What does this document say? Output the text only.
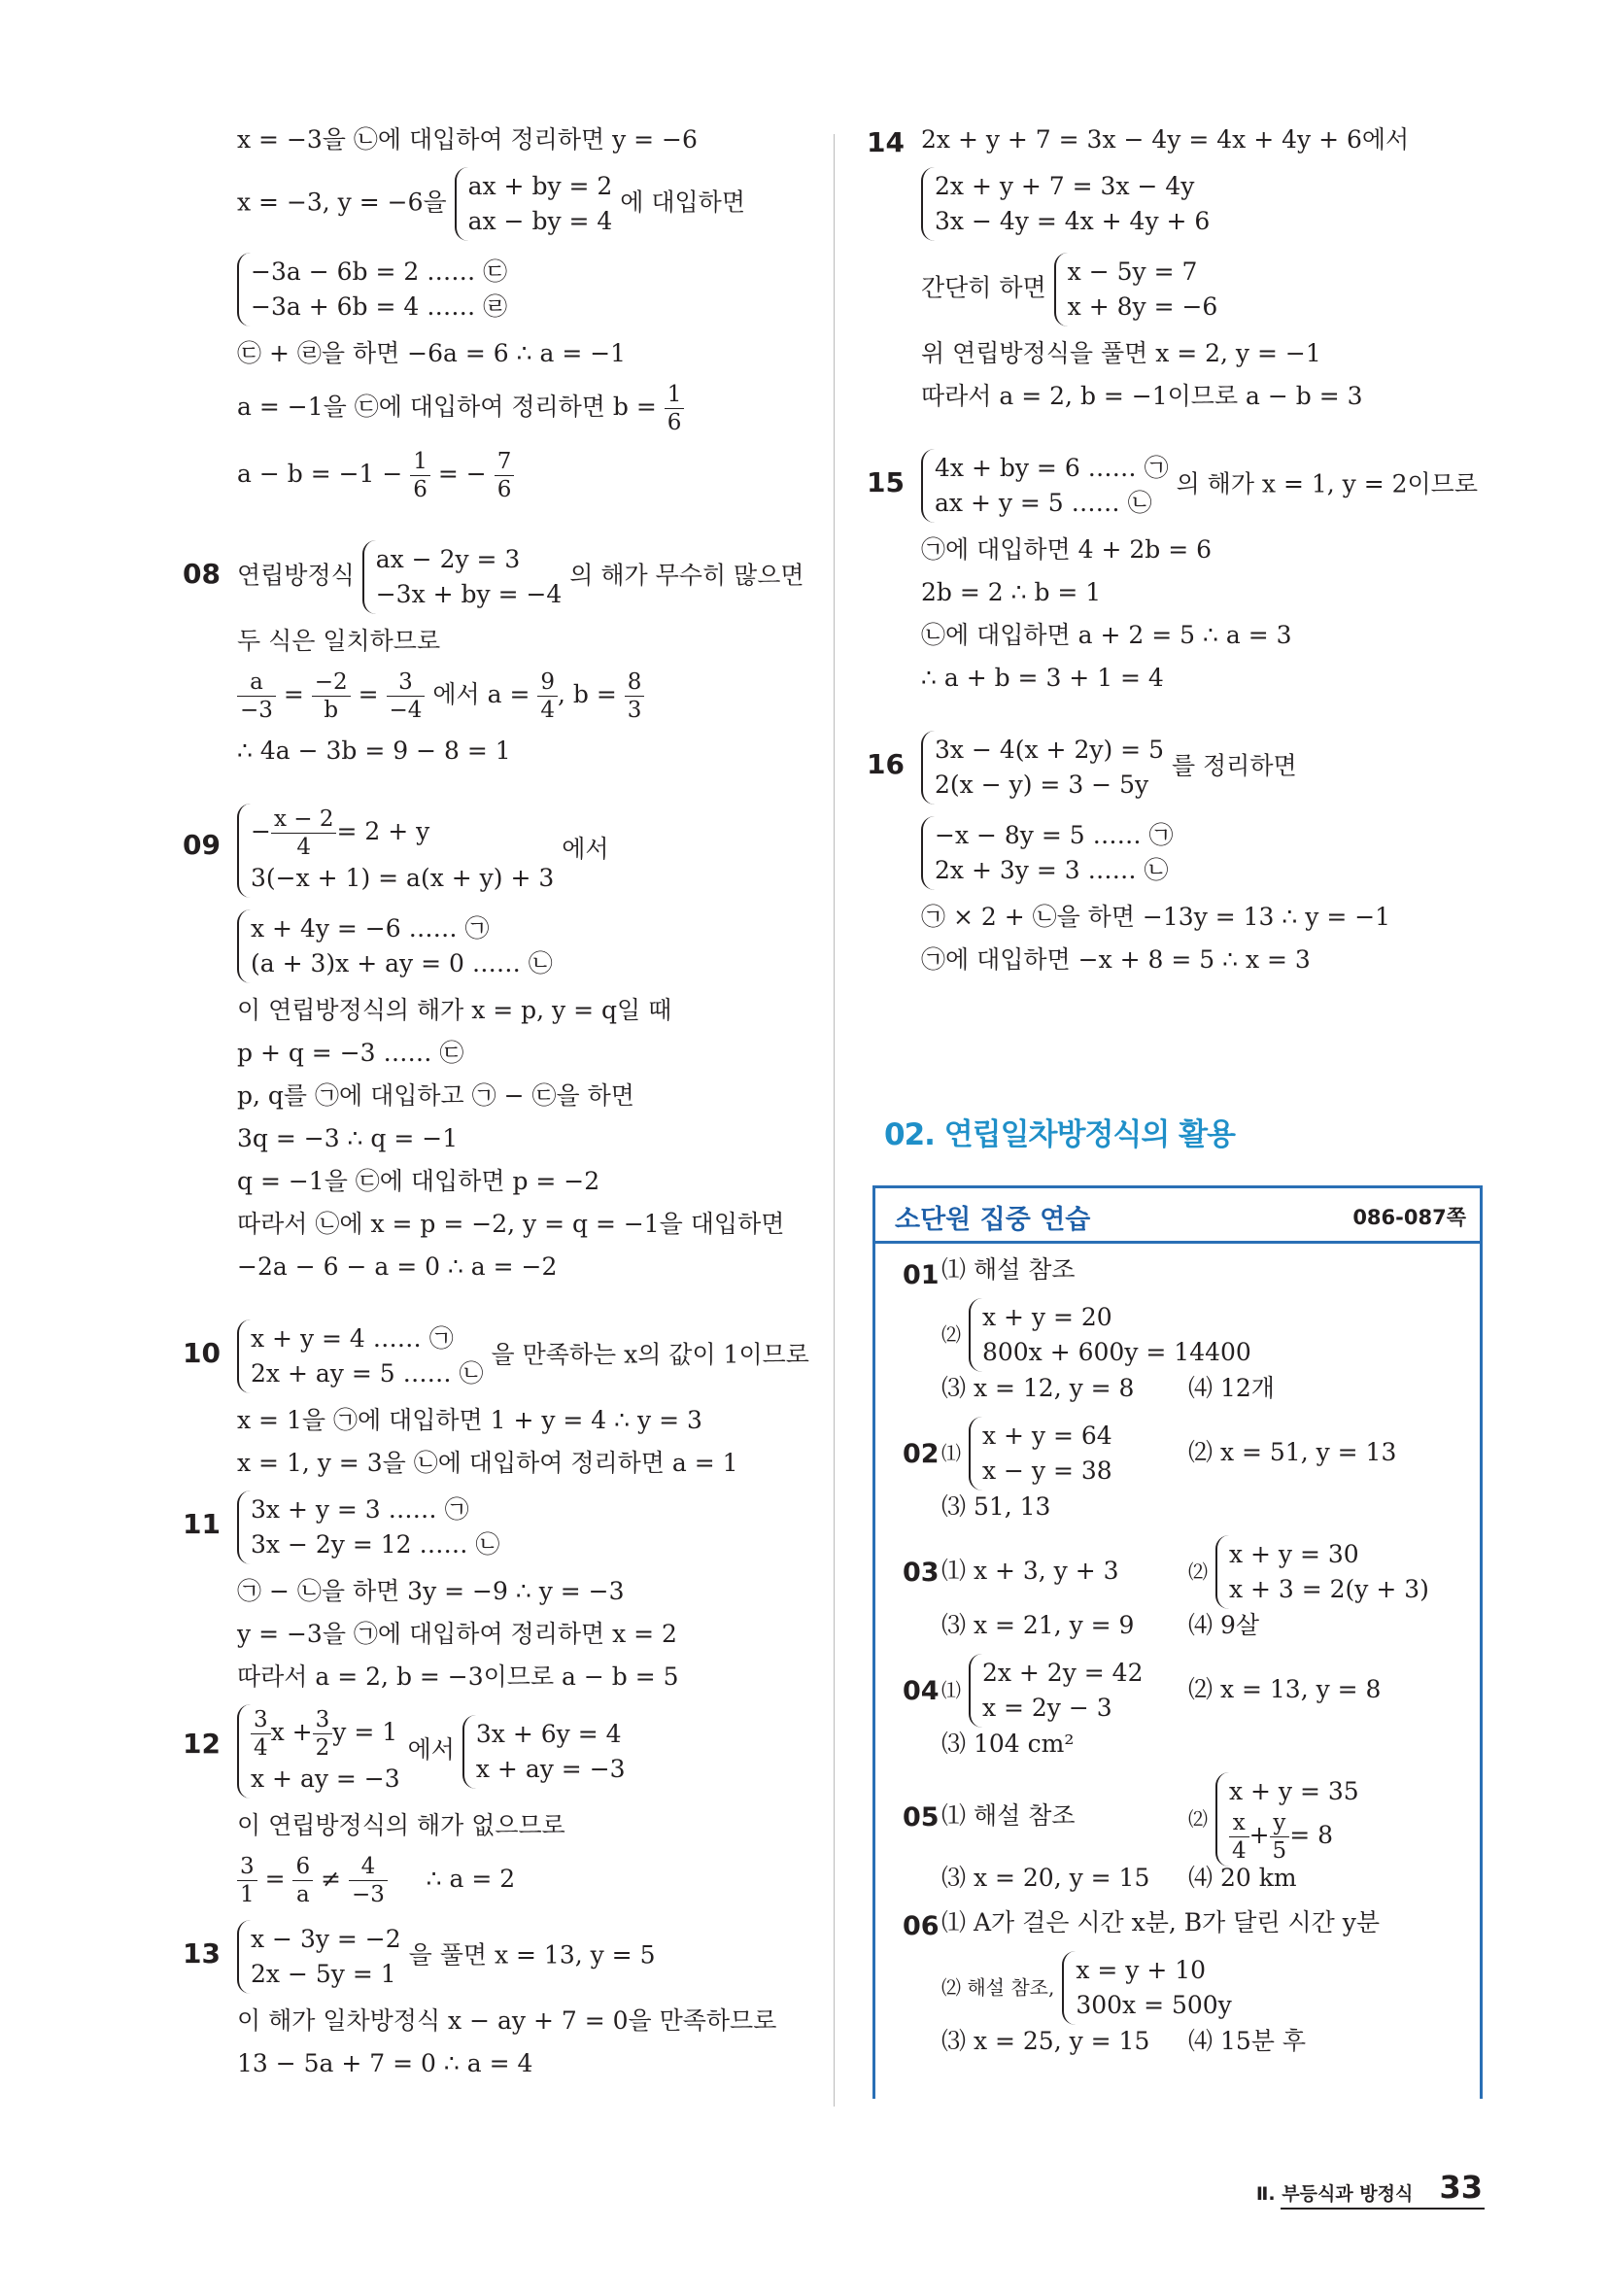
x = −3을 ㉡에 대입하여 정리하면 y = −6
x = −3, y = −6을
ax + by = 2
ax − by = 4
에 대입하면
−3a − 6b = 2 …… ㉢
−3a + 6b = 4 …… ㉣
㉢ + ㉣을 하면 −6a = 6 ∴ a = −1
a = −1을 ㉢에 대입하여 정리하면 $b = \frac{1}{6}$
$a - b = -1 - \frac{1}{6}$ = − $\frac{7}{6}$
08 연립방정식
ax − 2y = 3
−3x + by = −4
의 해가 무수히 많으면
두 식은 일치하므로
$\frac{a}{-3} = \frac{-2}{b} = \frac{3}{-4}$ 에서 $a = \frac{9}{4}$ , $b = \frac{8}{3}$
∴ 4a − 3b = 9 − 8 = 1
$09 - \frac{x - 2}{4} = 2 + y$
3(−x + 1) = a(x + y) + 3
에서
x + 4y = −6 …… ㉠
(a + 3)x + ay = 0 …… ㉡
이 연립방정식의 해가 x = p, y = q일 때
p + q = −3 …… ㉢
p, q를 ㉠에 대입하고 ㉠ − ㉢을 하면
3q = −3 ∴ q = −1
q = −1을 ㉢에 대입하면 p = −2
따라서 ㉡에 x = p = −2, y = q = −1을 대입하면
−2a − 6 − a = 0 ∴ a = −2
10 x + y = 4 …… ㉠
2x + ay = 5 …… ㉡
을 만족하는 x의 값이 1이므로
x = 1을 ㉠에 대입하면 1 + y = 4 ∴ y = 3
x = 1, y = 3을 ㉡에 대입하여 정리하면 a = 1
11 3x + y = 3 …… ㉠
3x − 2y = 12 …… ㉡
㉠ − ㉡을 하면 3y = −9 ∴ y = −3
y = −3을 ㉠에 대입하여 정리하면 x = 2
따라서 a = 2, b = −3이므로 a − b = 5
$12 \frac{3}{4}$ $x + \frac{3}{2}$ y = 1
x + ay = −3
에서
3x + 6y = 4
x + ay = −3
이 연립방정식의 해가 없으므로
$\frac{3}{1} = \frac{6}{a} \ne \frac{4}{-3}$ ∴ a = 2
13 x − 3y = −2
2x − 5y = 1
을 풀면 x = 13, y = 5
이 해가 일차방정식 x − ay + 7 = 0을 만족하므로
13 − 5a + 7 = 0 ∴ a = 4
14 2x + y + 7 = 3x − 4y = 4x + 4y + 6에서
2x + y + 7 = 3x − 4y
3x − 4y = 4x + 4y + 6
간단히 하면
x − 5y = 7
x + 8y = −6
위 연립방정식을 풀면 x = 2, y = −1
따라서 a = 2, b = −1이므로 a − b = 3
15 4x + by = 6 …… ㉠
ax + y = 5 …… ㉡
의 해가 x = 1, y = 2이므로
㉠에 대입하면 4 + 2b = 6
2b = 2 ∴ b = 1
㉡에 대입하면 a + 2 = 5 ∴ a = 3
∴ a + b = 3 + 1 = 4
16 3x − 4(x + 2y) = 5
2(x − y) = 3 − 5y
를 정리하면
−x − 8y = 5 …… ㉠
2x + 3y = 3 …… ㉡
㉠ × 2 + ㉡을 하면 −13y = 13 ∴ y = −1
㉠에 대입하면 −x + 8 = 5 ∴ x = 3
02. 연립일차방정식의 활용
소단원 집중 연습	086-087쪽
01 ⑴ 해설 참조
⑵
x + y = 20
800x + 600y = 14400
⑶ x = 12, y = 8 ⑷ 12개
02 ⑴
x + y = 64
x − y = 38
⑵ x = 51, y = 13
⑶ 51, 13
03 ⑴ x + 3, y + 3	⑵
x + y = 30
x + 3 = 2(y + 3)
⑶ x = 21, y = 9 ⑷ 9살
04 ⑴
2x + 2y = 42
x = 2y − 3
⑵ x = 13, y = 8
⑶ 104 cm²
05 ⑴ 해설 참조	⑵
x + y = 35
$\frac{x}{4} + \frac{y}{5} = 8$
⑶ x = 20, y = 15 ⑷ 20 km
06 ⑴ A가 걸은 시간 x분, B가 달린 시간 y분
⑵ 해설 참조,
x = y + 10
300x = 500y
⑶ x = 25, y = 15 ⑷ 15분 후
Ⅱ. 부등식과 방정식 33
